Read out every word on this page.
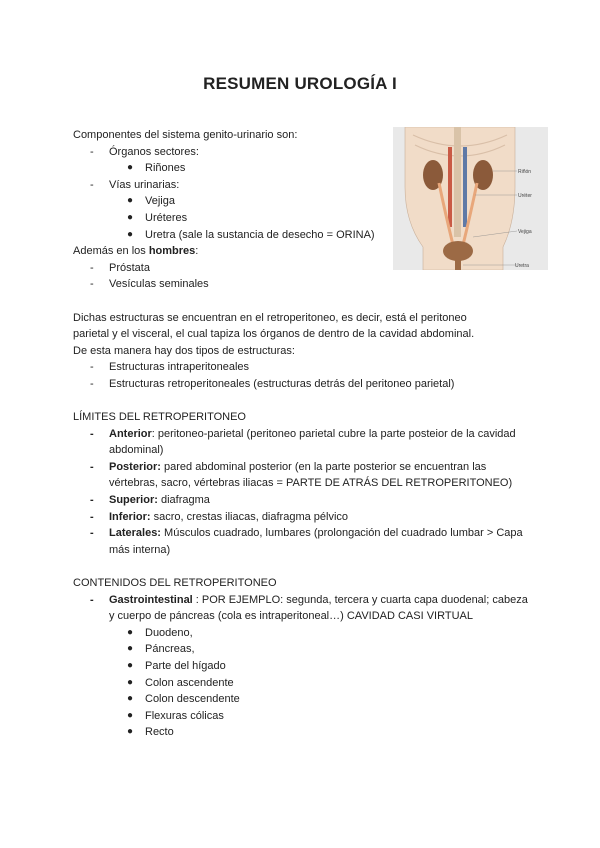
RESUMEN UROLOGÍA I
Riñón
Uréter
Vejiga
Uretra
Componentes del sistema genito-urinario son:
- Órganos sectores:
● Riñones
- Vías urinarias:
● Vejiga
● Uréteres
● Uretra (sale la sustancia de desecho = ORINA)
Además en los hombres:
- Próstata
- Vesículas seminales
Dichas estructuras se encuentran en el retroperitoneo, es decir, está el peritoneo
parietal y el visceral, el cual tapiza los órganos de dentro de la cavidad abdominal.
De esta manera hay dos tipos de estructuras:
- Estructuras intraperitoneales
- Estructuras retroperitoneales (estructuras detrás del peritoneo parietal)
LÍMITES DEL RETROPERITONEO
- Anterior: peritoneo-parietal (peritoneo parietal cubre la parte posteior de la cavidad abdominal)
- Posterior: pared abdominal posterior (en la parte posterior se encuentran las vértebras, sacro, vértebras iliacas = PARTE DE ATRÁS DEL RETROPERITONEO)
- Superior: diafragma
- Inferior: sacro, crestas iliacas, diafragma pélvico
- Laterales: Músculos cuadrado, lumbares (prolongación del cuadrado lumbar > Capa más interna)
CONTENIDOS DEL RETROPERITONEO
- Gastrointestinal : POR EJEMPLO: segunda, tercera y cuarta capa duodenal; cabeza y cuerpo de páncreas (cola es intraperitoneal…) CAVIDAD CASI VIRTUAL
● Duodeno,
● Páncreas,
● Parte del hígado
● Colon ascendente
● Colon descendente
● Flexuras cólicas
● Recto
